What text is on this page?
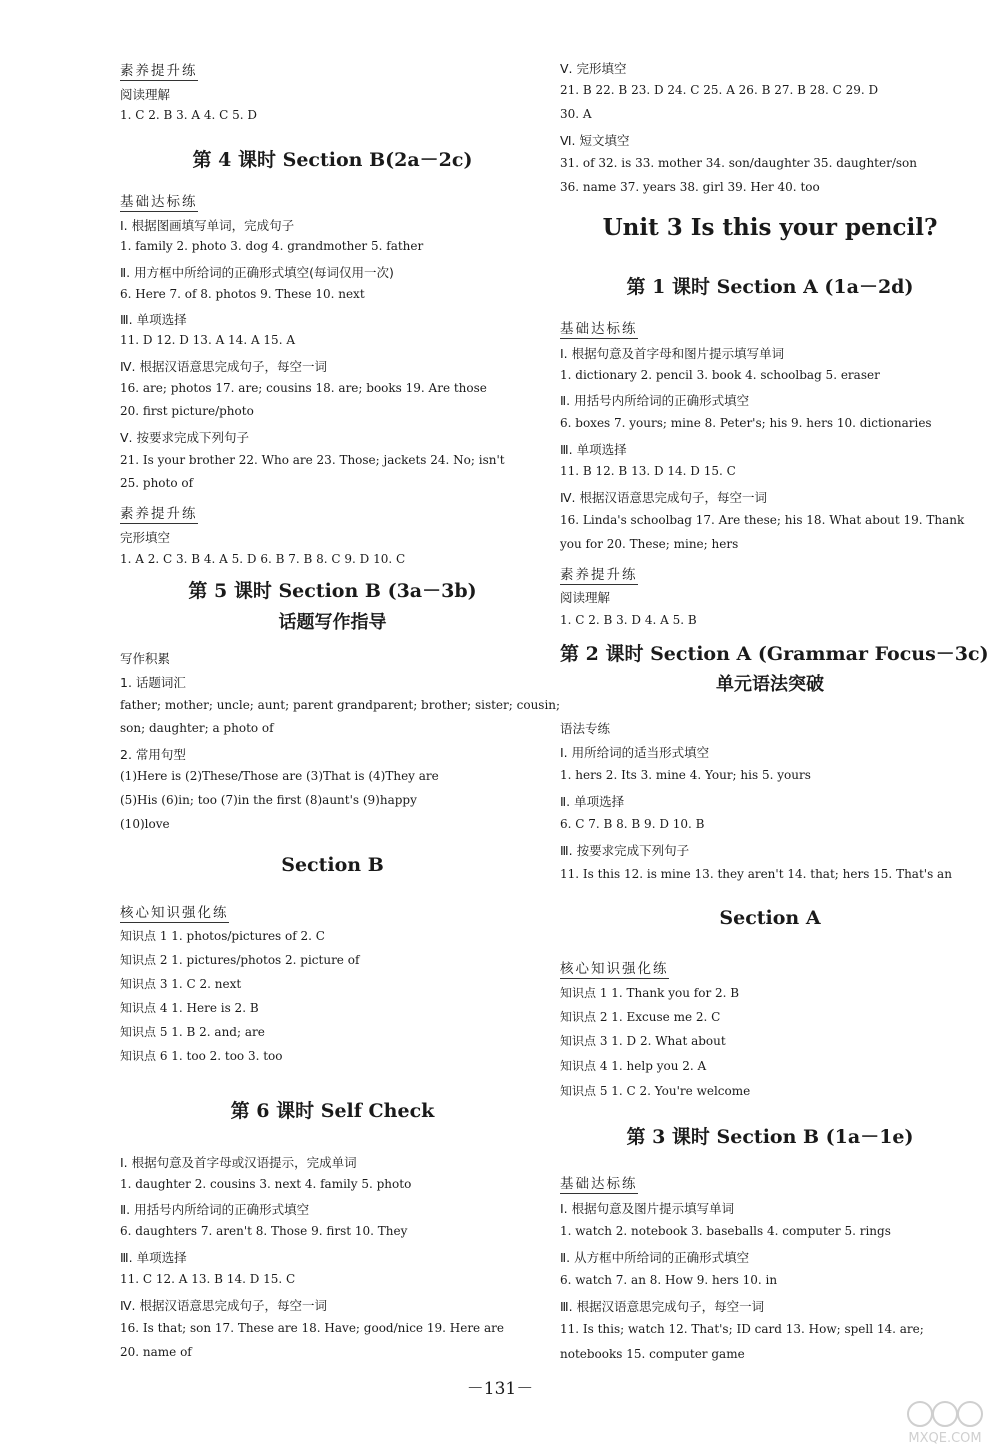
素养提升练
阅读理解
1. C 2. B 3. A 4. C 5. D
第 4 课时 Section B(2a－2c)
基础达标练
Ⅰ. 根据图画填写单词，完成句子
1. family 2. photo 3. dog 4. grandmother 5. father
Ⅱ. 用方框中所给词的正确形式填空(每词仅用一次)
6. Here 7. of 8. photos 9. These 10. next
Ⅲ. 单项选择
11. D 12. D 13. A 14. A 15. A
Ⅳ. 根据汉语意思完成句子，每空一词
16. are; photos 17. are; cousins 18. are; books 19. Are those
20. first picture/photo
Ⅴ. 按要求完成下列句子
21. Is your brother 22. Who are 23. Those; jackets 24. No; isn't
25. photo of
素养提升练
完形填空
1. A 2. C 3. B 4. A 5. D 6. B 7. B 8. C 9. D 10. C
第 5 课时 Section B (3a－3b)
话题写作指导
写作积累
1. 话题词汇
father; mother; uncle; aunt; parent grandparent; brother; sister; cousin;
son; daughter; a photo of
2. 常用句型
(1)Here is (2)These/Those are (3)That is (4)They are
(5)His (6)in; too (7)in the first (8)aunt's (9)happy
(10)love
Section B
核心知识强化练
知识点 1 1. photos/pictures of 2. C
知识点 2 1. pictures/photos 2. picture of
知识点 3 1. C 2. next
知识点 4 1. Here is 2. B
知识点 5 1. B 2. and; are
知识点 6 1. too 2. too 3. too
第 6 课时 Self Check
Ⅰ. 根据句意及首字母或汉语提示，完成单词
1. daughter 2. cousins 3. next 4. family 5. photo
Ⅱ. 用括号内所给词的正确形式填空
6. daughters 7. aren't 8. Those 9. first 10. They
Ⅲ. 单项选择
11. C 12. A 13. B 14. D 15. C
Ⅳ. 根据汉语意思完成句子，每空一词
16. Is that; son 17. These are 18. Have; good/nice 19. Here are
20. name of
Ⅴ. 完形填空
21. B 22. B 23. D 24. C 25. A 26. B 27. B 28. C 29. D
30. A
Ⅵ. 短文填空
31. of 32. is 33. mother 34. son/daughter 35. daughter/son
36. name 37. years 38. girl 39. Her 40. too
Unit 3 Is this your pencil?
第 1 课时 Section A (1a－2d)
基础达标练
Ⅰ. 根据句意及首字母和图片提示填写单词
1. dictionary 2. pencil 3. book 4. schoolbag 5. eraser
Ⅱ. 用括号内所给词的正确形式填空
6. boxes 7. yours; mine 8. Peter's; his 9. hers 10. dictionaries
Ⅲ. 单项选择
11. B 12. B 13. D 14. D 15. C
Ⅳ. 根据汉语意思完成句子，每空一词
16. Linda's schoolbag 17. Are these; his 18. What about 19. Thank
you for 20. These; mine; hers
素养提升练
阅读理解
1. C 2. B 3. D 4. A 5. B
第 2 课时 Section A (Grammar Focus－3c)
单元语法突破
语法专练
Ⅰ. 用所给词的适当形式填空
1. hers 2. Its 3. mine 4. Your; his 5. yours
Ⅱ. 单项选择
6. C 7. B 8. B 9. D 10. B
Ⅲ. 按要求完成下列句子
11. Is this 12. is mine 13. they aren't 14. that; hers 15. That's an
Section A
核心知识强化练
知识点 1 1. Thank you for 2. B
知识点 2 1. Excuse me 2. C
知识点 3 1. D 2. What about
知识点 4 1. help you 2. A
知识点 5 1. C 2. You're welcome
第 3 课时 Section B (1a－1e)
基础达标练
Ⅰ. 根据句意及图片提示填写单词
1. watch 2. notebook 3. baseballs 4. computer 5. rings
Ⅱ. 从方框中所给词的正确形式填空
6. watch 7. an 8. How 9. hers 10. in
Ⅲ. 根据汉语意思完成句子，每空一词
11. Is this; watch 12. That's; ID card 13. How; spell 14. are;
notebooks 15. computer game
－131－
MXQE.COM
